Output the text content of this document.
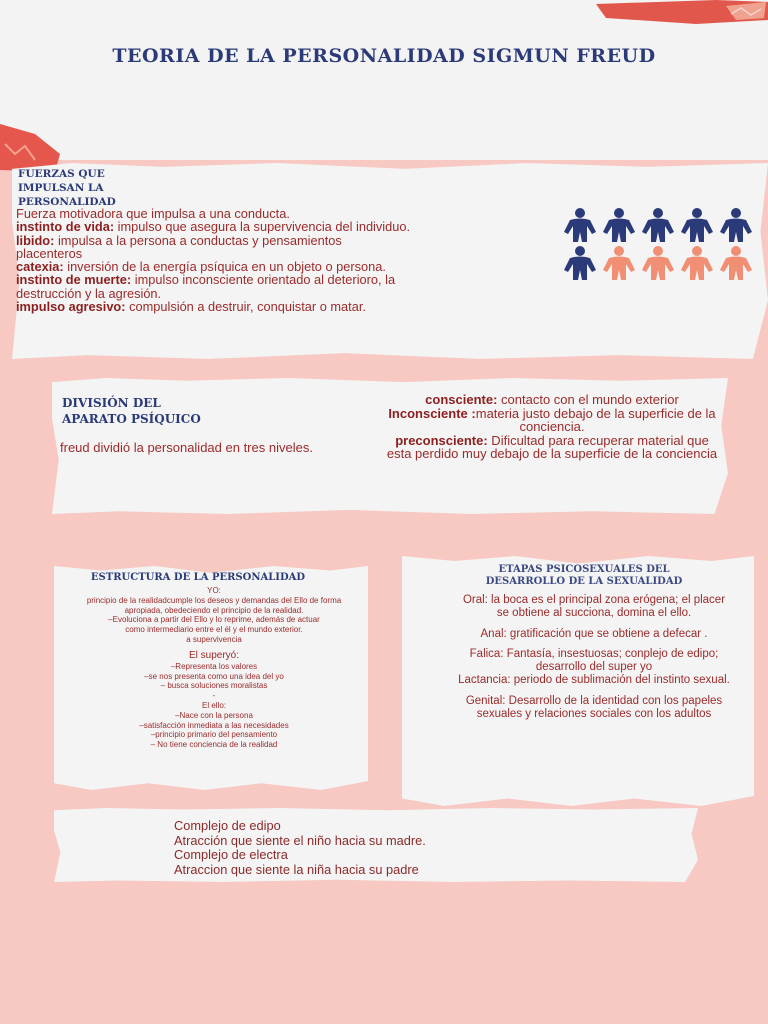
TEORIA DE LA PERSONALIDAD SIGMUN FREUD
FUERZAS QUE IMPULSAN LA PERSONALIDAD

Fuerza motivadora que impulsa a una conducta.

instinto de vida: impulso que asegura la supervivencia del individuo.

libido: impulsa a la persona a conductas y pensamientos placenteros

catexia: inversión de la energía psíquica en un objeto o persona.

instinto de muerte: impulso inconsciente orientado al deterioro, la destrucción y la agresión.

impulso agresivo: compulsión a destruir, conquistar o matar.

DIVISIÓN DEL APARATO PSÍQUICO

freud dividió la personalidad en tres niveles.

consciente: contacto con el mundo exterior

Inconsciente :materia justo debajo de la superficie de la conciencia.

preconsciente: Dificultad para recuperar material que esta perdido muy debajo de la superficie de la conciencia

ESTRUCTURA DE LA PERSONALIDAD

YO:

principio de la realidadcumple los deseos y demandas del Ello de forma apropiada, obedeciendo el principio de la realidad.

–Evoluciona a partir del Ello y lo reprime, además de actuar

como intermediario entre el él y el mundo exterior.

a supervivencia

El superyó:

–Representa los valores

–se nos presenta como una idea del yo

– busca soluciones moralistas

-

El ello:

–Nace con la persona

–satisfacción inmediata a las necesidades

–principio primario del pensamiento

– No tiene conciencia de la realidad

ETAPAS PSICOSEXUALES DEL DESARROLLO DE LA SEXUALIDAD

Oral: la boca es el principal zona erógena; el placer se obtiene al succiona, domina el ello.

Anal: gratificación que se obtiene a defecar .

Falica: Fantasía, insestuosas; conplejo de edipo; desarrollo del super yo
Lactancia: periodo de sublimación del instinto sexual.

Genital: Desarrollo de la identidad con los papeles sexuales y relaciones sociales con los adultos

Complejo de edipo

Atracción que siente el niño hacia su madre.

Complejo de electra

Atraccion que siente la niña hacia su padre
